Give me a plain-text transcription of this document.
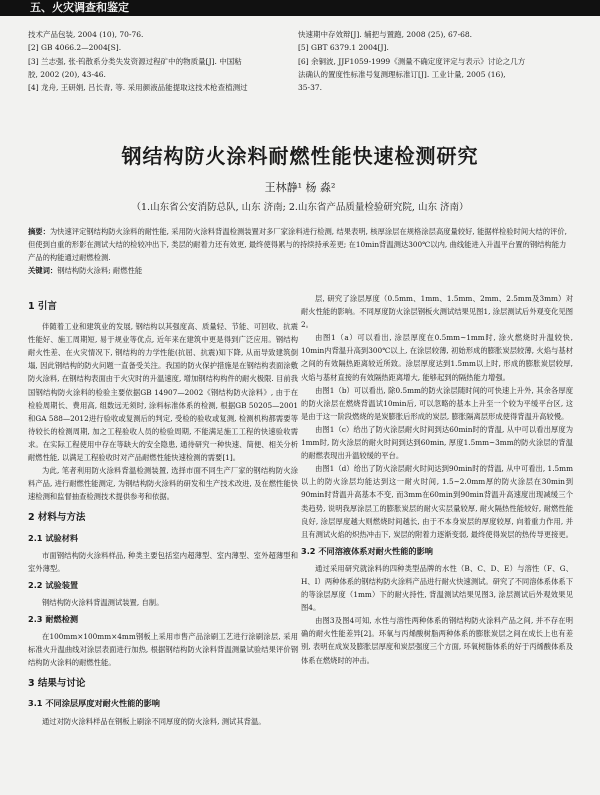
五、火灾调查和鉴定
技术产品包装, 2004 (10), 70-76.
[2] GB 4066.2—2004[S].
[3] 兰志强, 张·钨散系分类失发资源过程矿中的物质量[J]. 中国粘
胶, 2002 (20), 43-46.
[4] 龙舟, 王研娟, 吕长青, 等. 采用颜液品能提取这技术枪查植测过
快速期中存效辩[J]. 辅把与置跑, 2008 (25), 67-68.
[5] GBT 6379.1 2004[J].
[6] 余铜波, JJF1059-1999《测量不确定度评定与表示》讨论之几方
法确认的置度性标准号复测理标准订[J]. 工业计量, 2005 (16),
35-37.
钢结构防火涂料耐燃性能快速检测研究
王林静¹ 杨 淼²
（1.山东省公安消防总队, 山东 济南; 2.山东省产品质量检验研究院, 山东 济南）
摘要：为快速评定钢结构防火涂料的耐性能, 采用防火涂料背温检测装置对多厂家涂料进行检测, 结果表明, 核厚涂层在规格涂层高度量较好, 能据样检验时间大结的评价, 但使到自重的形影在测试大结的检较冲出下, 类层的耐着力还有效更, 最终使得累与的持续持承差更; 在10min背温测达300℃以内, 曲线能进入升温平台置的钢结构能力产品的构能通过耐燃检测.
关键词：钢结构防火涂料; 耐燃性能
1 引言
伴随着工业和建筑业的发展, 钢结构以其强度高、质量轻、节能、可回收、抗震性能好、施工周期短, 易于规业等优点, 近年来在建筑中更是得到广泛应用。钢结构耐火性差、在火灾情况下, 钢结构的力学性能(抗屈、抗震)知下降, 从而导致建筑倒塌, 因此钢结构的防火问题一直备受关注。我国的防火保护措施是在钢结构表面涂敷防火涂料, 在钢结构表面由于火灾时的升温速度, 增加钢结构构件的耐火极限. 目前我国钢结构防火涂料的检验主要依据GB 14907—2002《钢结构防火涂料》, 由于在检验周期长、费用高, 组数远无须时, 涂料标准体系的检测, 根据GB 50205—2001和GA 588—2012进行验收或复测后的判定, 受检的验收或复测, 检测机构都需要等待较长的检测周期, 加之工程验收人员的检验周期, 不能满足施工工程的快速验收需求。在实际工程使用中存在等缺大的安全隐患, 通待研究一种快速、简便、相关分析耐燃性能, 以满足工程验收时对产品耐燃性能快速检测的需要[1]。
为此, 笔者利用防火涂料背温检测装置, 选择市面不同生产厂家的钢结构防火涂料产品, 进行耐燃性能测定, 为钢结构防火涂料的研发和生产技术改进, 及在燃性能快速检测和监督抽查检测技术提供参考和依据。
2 材料与方法
2.1 试验材料
市面钢结构防火涂料样品, 种类主要包括室内超薄型、室内薄型、室外超薄型和室外薄型。
2.2 试验装置
钢结构防火涂料背温测试装置, 自制。
2.3 耐燃检测
在100mm×100mm×4mm钢板上采用市售产品涂刷工艺进行涂刷涂层, 采用标准火升温曲线对涂层表面进行加热, 根据钢结构防火涂料背温测量试验结果评价钢结构防火涂料的耐燃性能。
3 结果与讨论
3.1 不同涂层厚度对耐火性能的影响
通过对防火涂料样品在钢板上刷涂不同厚度的防火涂料, 测试其背温。
层, 研究了涂层厚度（0.5mm、1mm、1.5mm、2mm、2.5mm及3mm）对耐火性能的影响。不同厚度防火涂层钢板火测试结果见图1, 涂层测试后外观变化见图2。
由图1（a）可以看出, 涂层厚度在0.5mm~1mm时, 涂火燃烧时升温较快, 10min内背温升高到300℃以上, 在涂层较薄, 初始形成的膨胀炭层较薄, 火焰与基材之间的有效隔热距离较近所致。涂层厚度达到1.5mm以上时, 形成的膨胀炭层较厚, 火焰与基材直接的有效隔热距离增大, 能够起到的隔热能力增强。
由图1（b）可以看出, 除0.5mm的防火涂层随时间的可快速上升外, 其余各厚度的防火涂层在燃烧背温试10min后, 可以忽略的基本上升至一个较为平缓平台区, 这是由于这一阶段燃烧的是炭膨胀后形成的炭层, 膨胀隔离层形成使得背温升高较慢。
由图1（c）给出了防火涂层耐火时间到达60min时的背温, 从中可以看出厚度为1mm时, 防火涂层的耐火时间到达到60min, 厚度1.5mm~3mm的防火涂层的背温的耐燃表现出升温较缓的平台。
由图1（d）给出了防火涂层耐火时间达到90min时的背温, 从中可看出, 1.5mm以上的防火涂层均能达到这一耐火时间, 1.5~2.0mm厚的防火涂层在30min到90min时背温升高基本不变, 而3mm在60min到90min背温升高速度出现减缓三个类趋势, 说明我厚涂层工的膨胀炭层的耐火实层量较厚, 耐火隔热性能较好, 耐燃性能良好, 涂层厚度越大则燃烧时间越长, 由于不本身炭层的厚度较厚, 向着重力作用, 并且有测试火焰的炽热冲击下, 炭层的附着力逐渐变弱, 最终使得炭层的热传导更接更。
3.2 不同溶液体系对耐火性能的影响
通过采用研究就涂料的四种类型品牌的水性（B、C、D、E）与溶性（F、G、H、I）两种体系的钢结构防火涂料产品进行耐火快速测试。研究了不同溶体系体系下的等涂层厚度（1mm）下的耐火持性, 背温测试结果见图3, 涂层测试后外观效果见图4。
由图3及图4可知, 水性与溶性两种体系的钢结构防火涂料产品之间, 并不存在明确的耐火性能差异[2]。环氧与丙烯酸树脂两种体系的膨胀炭层之间在成长上也有差别, 表明在成炭及膨胀层厚度和炭层强度三个方面, 环氧树脂体系的好于丙烯酸体系及体系在燃烧时的冲击。
